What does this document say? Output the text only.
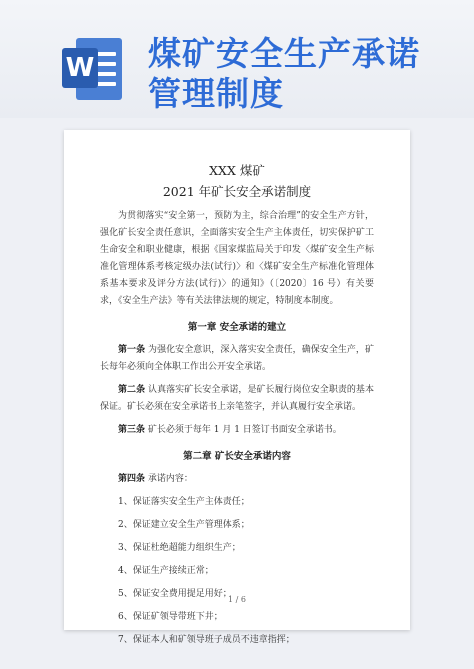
W 煤矿安全生产承诺
管理制度
XXX 煤矿
2021 年矿长安全承诺制度

为贯彻落实“安全第一，预防为主，综合治理”的安全生产方针，强化矿长安全责任意识，全面落实安全生产主体责任，切实保护矿工生命安全和职业健康，根据《国家煤监局关于印发〈煤矿安全生产标准化管理体系考核定级办法(试行)〉和〈煤矿安全生产标准化管理体系基本要求及评分方法(试行)〉的通知》（〔2020〕16 号）有关要求，《安全生产法》等有关法律法规的规定，特制度本制度。

第一章 安全承诺的建立

第一条 为强化安全意识，深入落实安全责任，确保安全生产，矿长每年必须向全体职工作出公开安全承诺。

第二条 认真落实矿长安全承诺，是矿长履行岗位安全职责的基本保证。矿长必须在安全承诺书上亲笔签字，并认真履行安全承诺。

第三条 矿长必须于每年 1 月 1 日签订书面安全承诺书。

第二章 矿长安全承诺内容

第四条 承诺内容：

1、保证落实安全生产主体责任；

2、保证建立安全生产管理体系；

3、保证杜绝超能力组织生产；

4、保证生产接续正常；

5、保证安全费用提足用好；

6、保证矿领导带班下井；

7、保证本人和矿领导班子成员不违章指挥；

1 / 6
